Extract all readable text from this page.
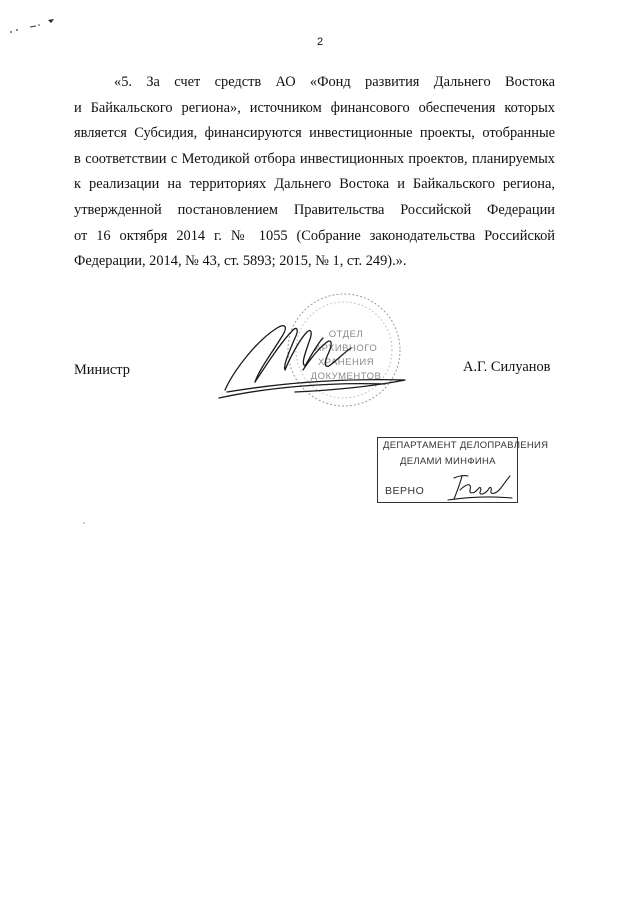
2
«5. За счет средств АО «Фонд развития Дальнего Востока
и Байкальского региона», источником финансового обеспечения которых
является Субсидия, финансируются инвестиционные проекты, отобранные
в соответствии с Методикой отбора инвестиционных проектов, планируемых
к реализации на территориях Дальнего Востока и Байкальского региона,
утвержденной постановлением Правительства Российской Федерации
от 16 октября 2014 г. № 1055 (Собрание законодательства Российской
Федерации, 2014, № 43, ст. 5893; 2015, № 1, ст. 249).».
ОТДЕЛ
АРХИВНОГО
ХРАНЕНИЯ
ДОКУМЕНТОВ
Министр	А.Г. Силуанов
ДЕПАРТАМЕНТ ДЕЛОПРАВЛЕНИЯ
ДЕЛАМИ МИНФИНА
ВЕРНО
